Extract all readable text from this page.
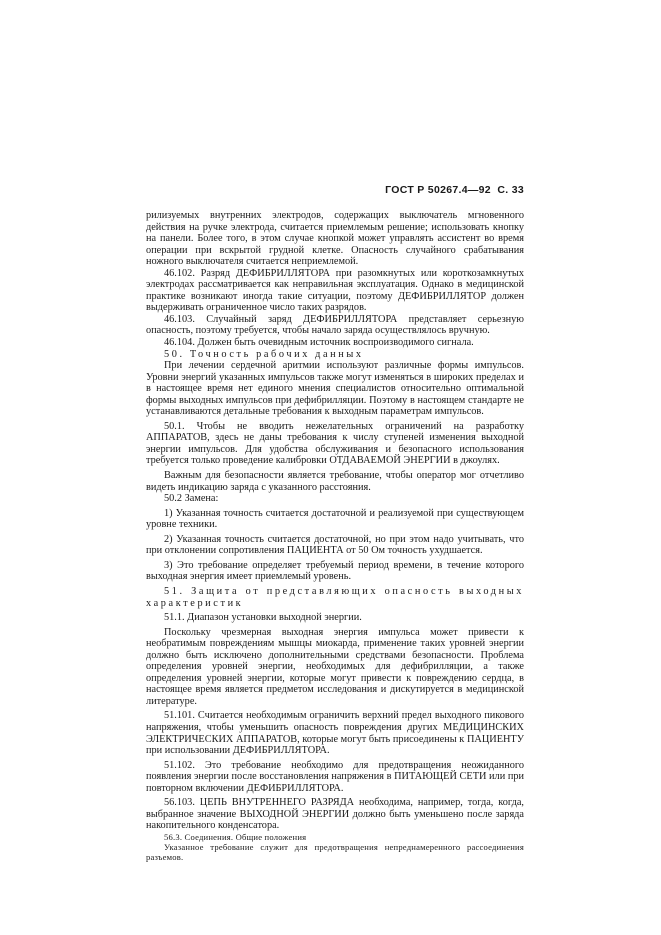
ГОСТ Р 50267.4—92 С. 33

рилизуемых внутренних электродов, содержащих выключатель мгновенного действия на ручке электрода, считается приемлемым решение; использовать кнопку на панели. Более того, в этом случае кнопкой может управлять ассистент во время операции при вскрытой грудной клетке. Опасность случайного срабатывания ножного выключателя считается неприемлемой.

46.102. Разряд ДЕФИБРИЛЛЯТОРА при разомкнутых или короткозамкнутых электродах рассматривается как неправильная эксплуатация. Однако в медицинской практике возникают иногда такие ситуации, поэтому ДЕФИБРИЛЛЯТОР должен выдерживать ограниченное число таких разрядов.

46.103. Случайный заряд ДЕФИБРИЛЛЯТОРА представляет серьезную опасность, поэтому требуется, чтобы начало заряда осуществлялось вручную.

46.104. Должен быть очевидным источник воспроизводимого сигнала.

50. Точность рабочих данных

При лечении сердечной аритмии используют различные формы импульсов. Уровни энергий указанных импульсов также могут изменяться в широких пределах и в настоящее время нет единого мнения специалистов относительно оптимальной формы выходных импульсов при дефибрилляции. Поэтому в настоящем стандарте не устанавливаются детальные требования к выходным параметрам импульсов.

50.1. Чтобы не вводить нежелательных ограничений на разработку АППАРАТОВ, здесь не даны требования к числу ступеней изменения выходной энергии импульсов. Для удобства обслуживания и безопасного использования требуется только проведение калибровки ОТДАВАЕМОЙ ЭНЕРГИИ в джоулях.

Важным для безопасности является требование, чтобы оператор мог отчетливо видеть индикацию заряда с указанного расстояния.

50.2 Замена:

1) Указанная точность считается достаточной и реализуемой при существующем уровне техники.

2) Указанная точность считается достаточной, но при этом надо учитывать, что при отклонении сопротивления ПАЦИЕНТА от 50 Ом точность ухудшается.

3) Это требование определяет требуемый период времени, в течение которого выходная энергия имеет приемлемый уровень.

51. Защита от представляющих опасность выходных характеристик

51.1. Диапазон установки выходной энергии.

Поскольку чрезмерная выходная энергия импульса может привести к необратимым повреждениям мышцы миокарда, применение таких уровней энергии должно быть исключено дополнительными средствами безопасности. Проблема определения уровней энергии, необходимых для дефибрилляции, а также определения уровней энергии, которые могут привести к повреждению сердца, в настоящее время является предметом исследования и дискутируется в медицинской литературе.

51.101. Считается необходимым ограничить верхний предел выходного пикового напряжения, чтобы уменьшить опасность повреждения других МЕДИЦИНСКИХ ЭЛЕКТРИЧЕСКИХ АППАРАТОВ, которые могут быть присоединены к ПАЦИЕНТУ при использовании ДЕФИБРИЛЛЯТОРА.

51.102. Это требование необходимо для предотвращения неожиданного появления энергии после восстановления напряжения в ПИТАЮЩЕЙ СЕТИ или при повторном включении ДЕФИБРИЛЛЯТОРА.

56.103. ЦЕПЬ ВНУТРЕННЕГО РАЗРЯДА необходима, например, тогда, когда, выбранное значение ВЫХОДНОЙ ЭНЕРГИИ должно быть уменьшено после заряда накопительного конденсатора.

56.3. Соединения. Общие положения

Указанное требование служит для предотвращения непреднамеренного рассоединения разъемов.
